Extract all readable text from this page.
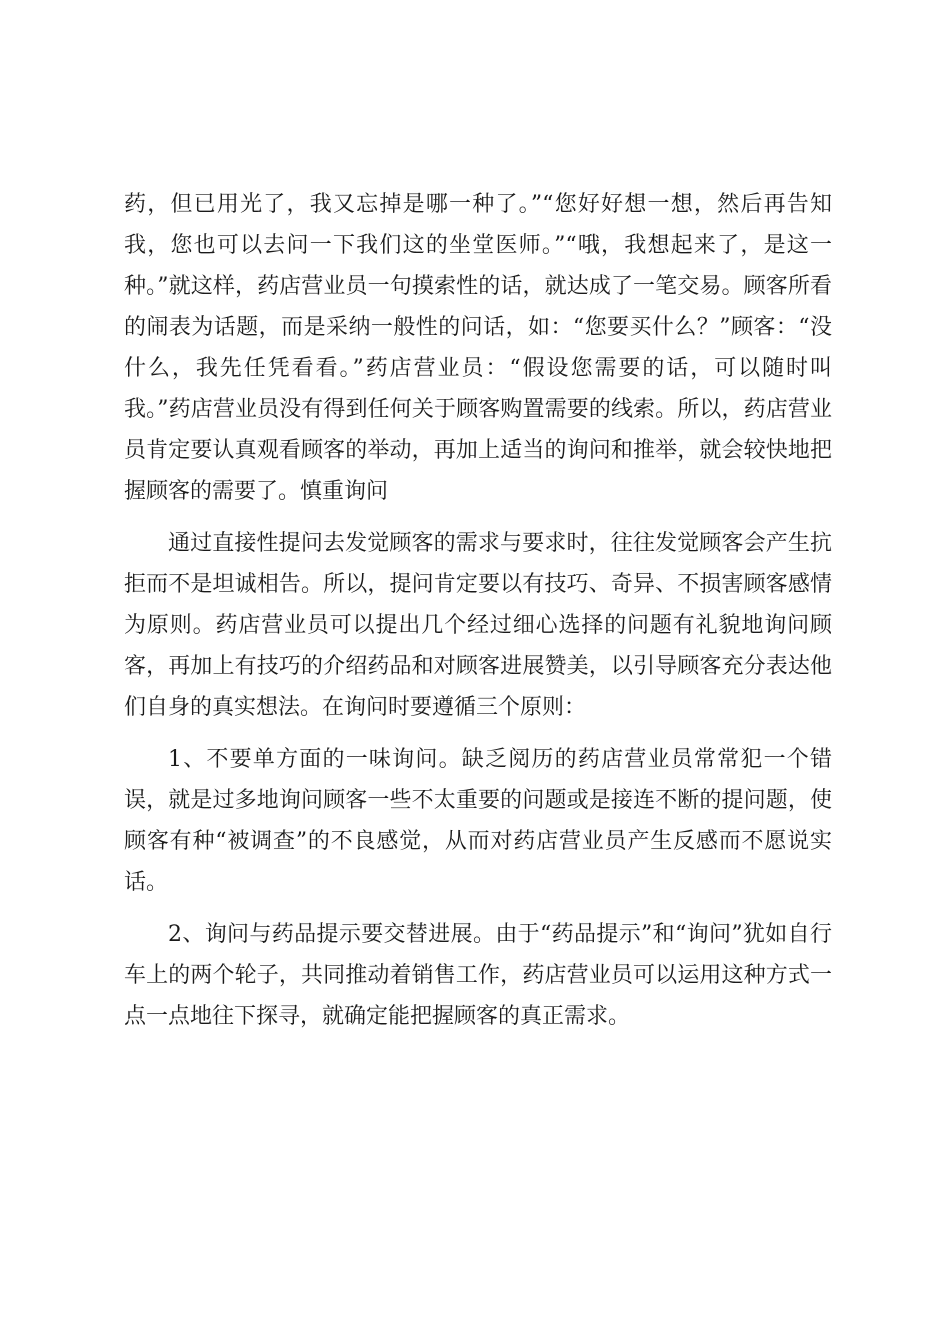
药，但已用光了，我又忘掉是哪一种了。”“您好好想一想，然后再告知我，您也可以去问一下我们这的坐堂医师。”“哦，我想起来了，是这一种。”就这样，药店营业员一句摸索性的话，就达成了一笔交易。顾客所看的闹表为话题，而是采纳一般性的问话，如：“您要买什么？”顾客：“没什么，我先任凭看看。”药店营业员：“假设您需要的话，可以随时叫我。”药店营业员没有得到任何关于顾客购置需要的线索。所以，药店营业员肯定要认真观看顾客的举动，再加上适当的询问和推举，就会较快地把握顾客的需要了。慎重询问

通过直接性提问去发觉顾客的需求与要求时，往往发觉顾客会产生抗拒而不是坦诚相告。所以，提问肯定要以有技巧、奇异、不损害顾客感情为原则。药店营业员可以提出几个经过细心选择的问题有礼貌地询问顾客，再加上有技巧的介绍药品和对顾客进展赞美，以引导顾客充分表达他们自身的真实想法。在询问时要遵循三个原则：

1、不要单方面的一味询问。缺乏阅历的药店营业员常常犯一个错误，就是过多地询问顾客一些不太重要的问题或是接连不断的提问题，使顾客有种“被调查”的不良感觉，从而对药店营业员产生反感而不愿说实话。

2、询问与药品提示要交替进展。由于“药品提示”和“询问”犹如自行车上的两个轮子，共同推动着销售工作，药店营业员可以运用这种方式一点一点地往下探寻，就确定能把握顾客的真正需求。
